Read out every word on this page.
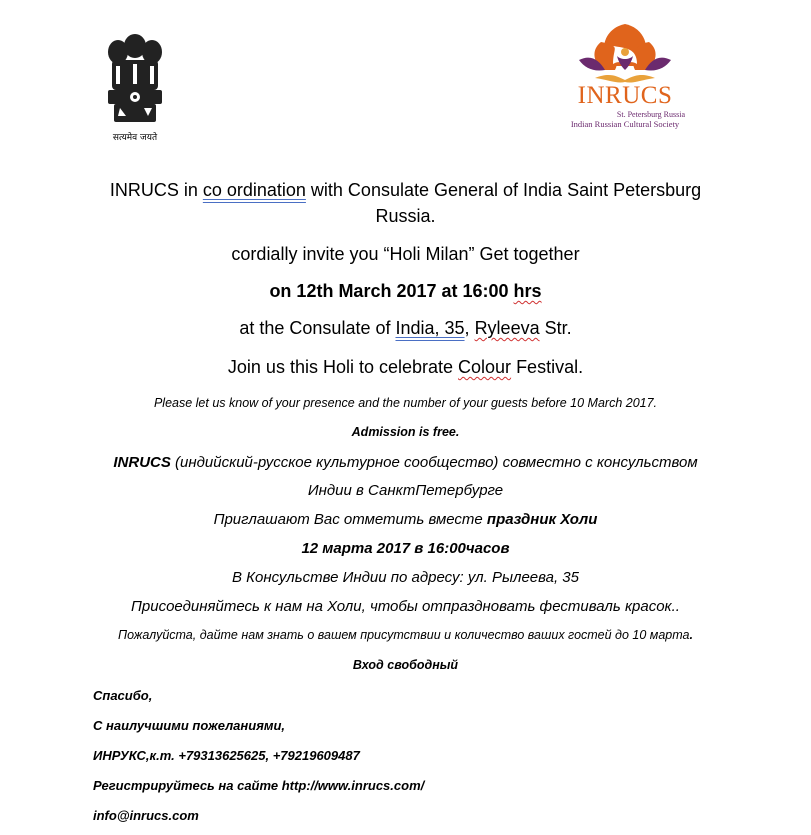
सत्यमेव जयते
INRUCS
St. Petersburg Russia
Indian Russian Cultural Society
INRUCS in co ordination with Consulate General of India Saint Petersburg
Russia.
cordially invite you “Holi Milan” Get together
on 12th March 2017 at 16:00 hrs
at the Consulate of India, 35, Ryleeva Str.
Join us this Holi to celebrate Colour Festival.
Please let us know of your presence and the number of your guests before 10 March 2017.
Admission is free.
INRUCS (индийский-русское культурное сообщество) совместно с консульством
Индии в СанктПетербурге
Приглашают Вас отметить вместе праздник Холи
12 марта 2017 в 16:00часов
В Консульстве Индии по адресу: ул. Рылеева, 35
Присоединяйтесь к нам на Холи, чтобы отпраздновать фестиваль красок..
Пожалуйста, дайте нам знать о вашем присутствии и количество ваших гостей до 10 марта.
Вход свободный
Спасибо,
С наилучшими пожеланиями,
ИНРУКС,к.т. +79313625625, +79219609487
Регистрируйтесь на сайте http://www.inrucs.com/
info@inrucs.com
